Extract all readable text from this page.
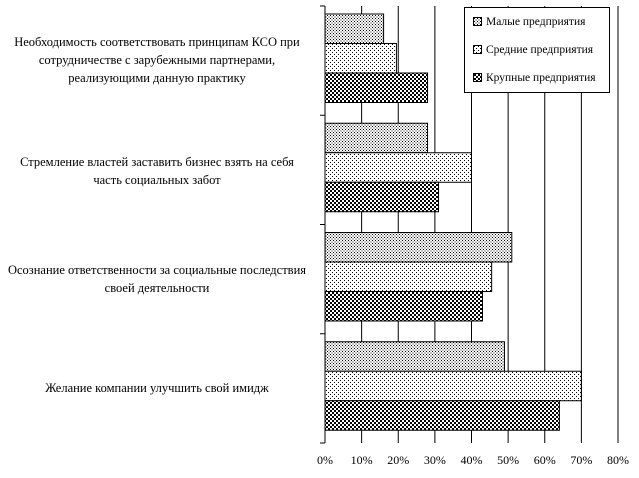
Необходимость соответствовать принципам КСО при
сотрудничестве с зарубежными партнерами,
реализующими данную практику
Стремление властей заставить бизнес взять на себя
часть социальных забот
Осознание ответственности за социальные последствия
своей деятельности
Желание компании улучшить свой имидж
0%	10%	20%	30%	40%	50%	60%	70%	80%
Малые предприятия
Средние предприятия
Крупные предприятия
